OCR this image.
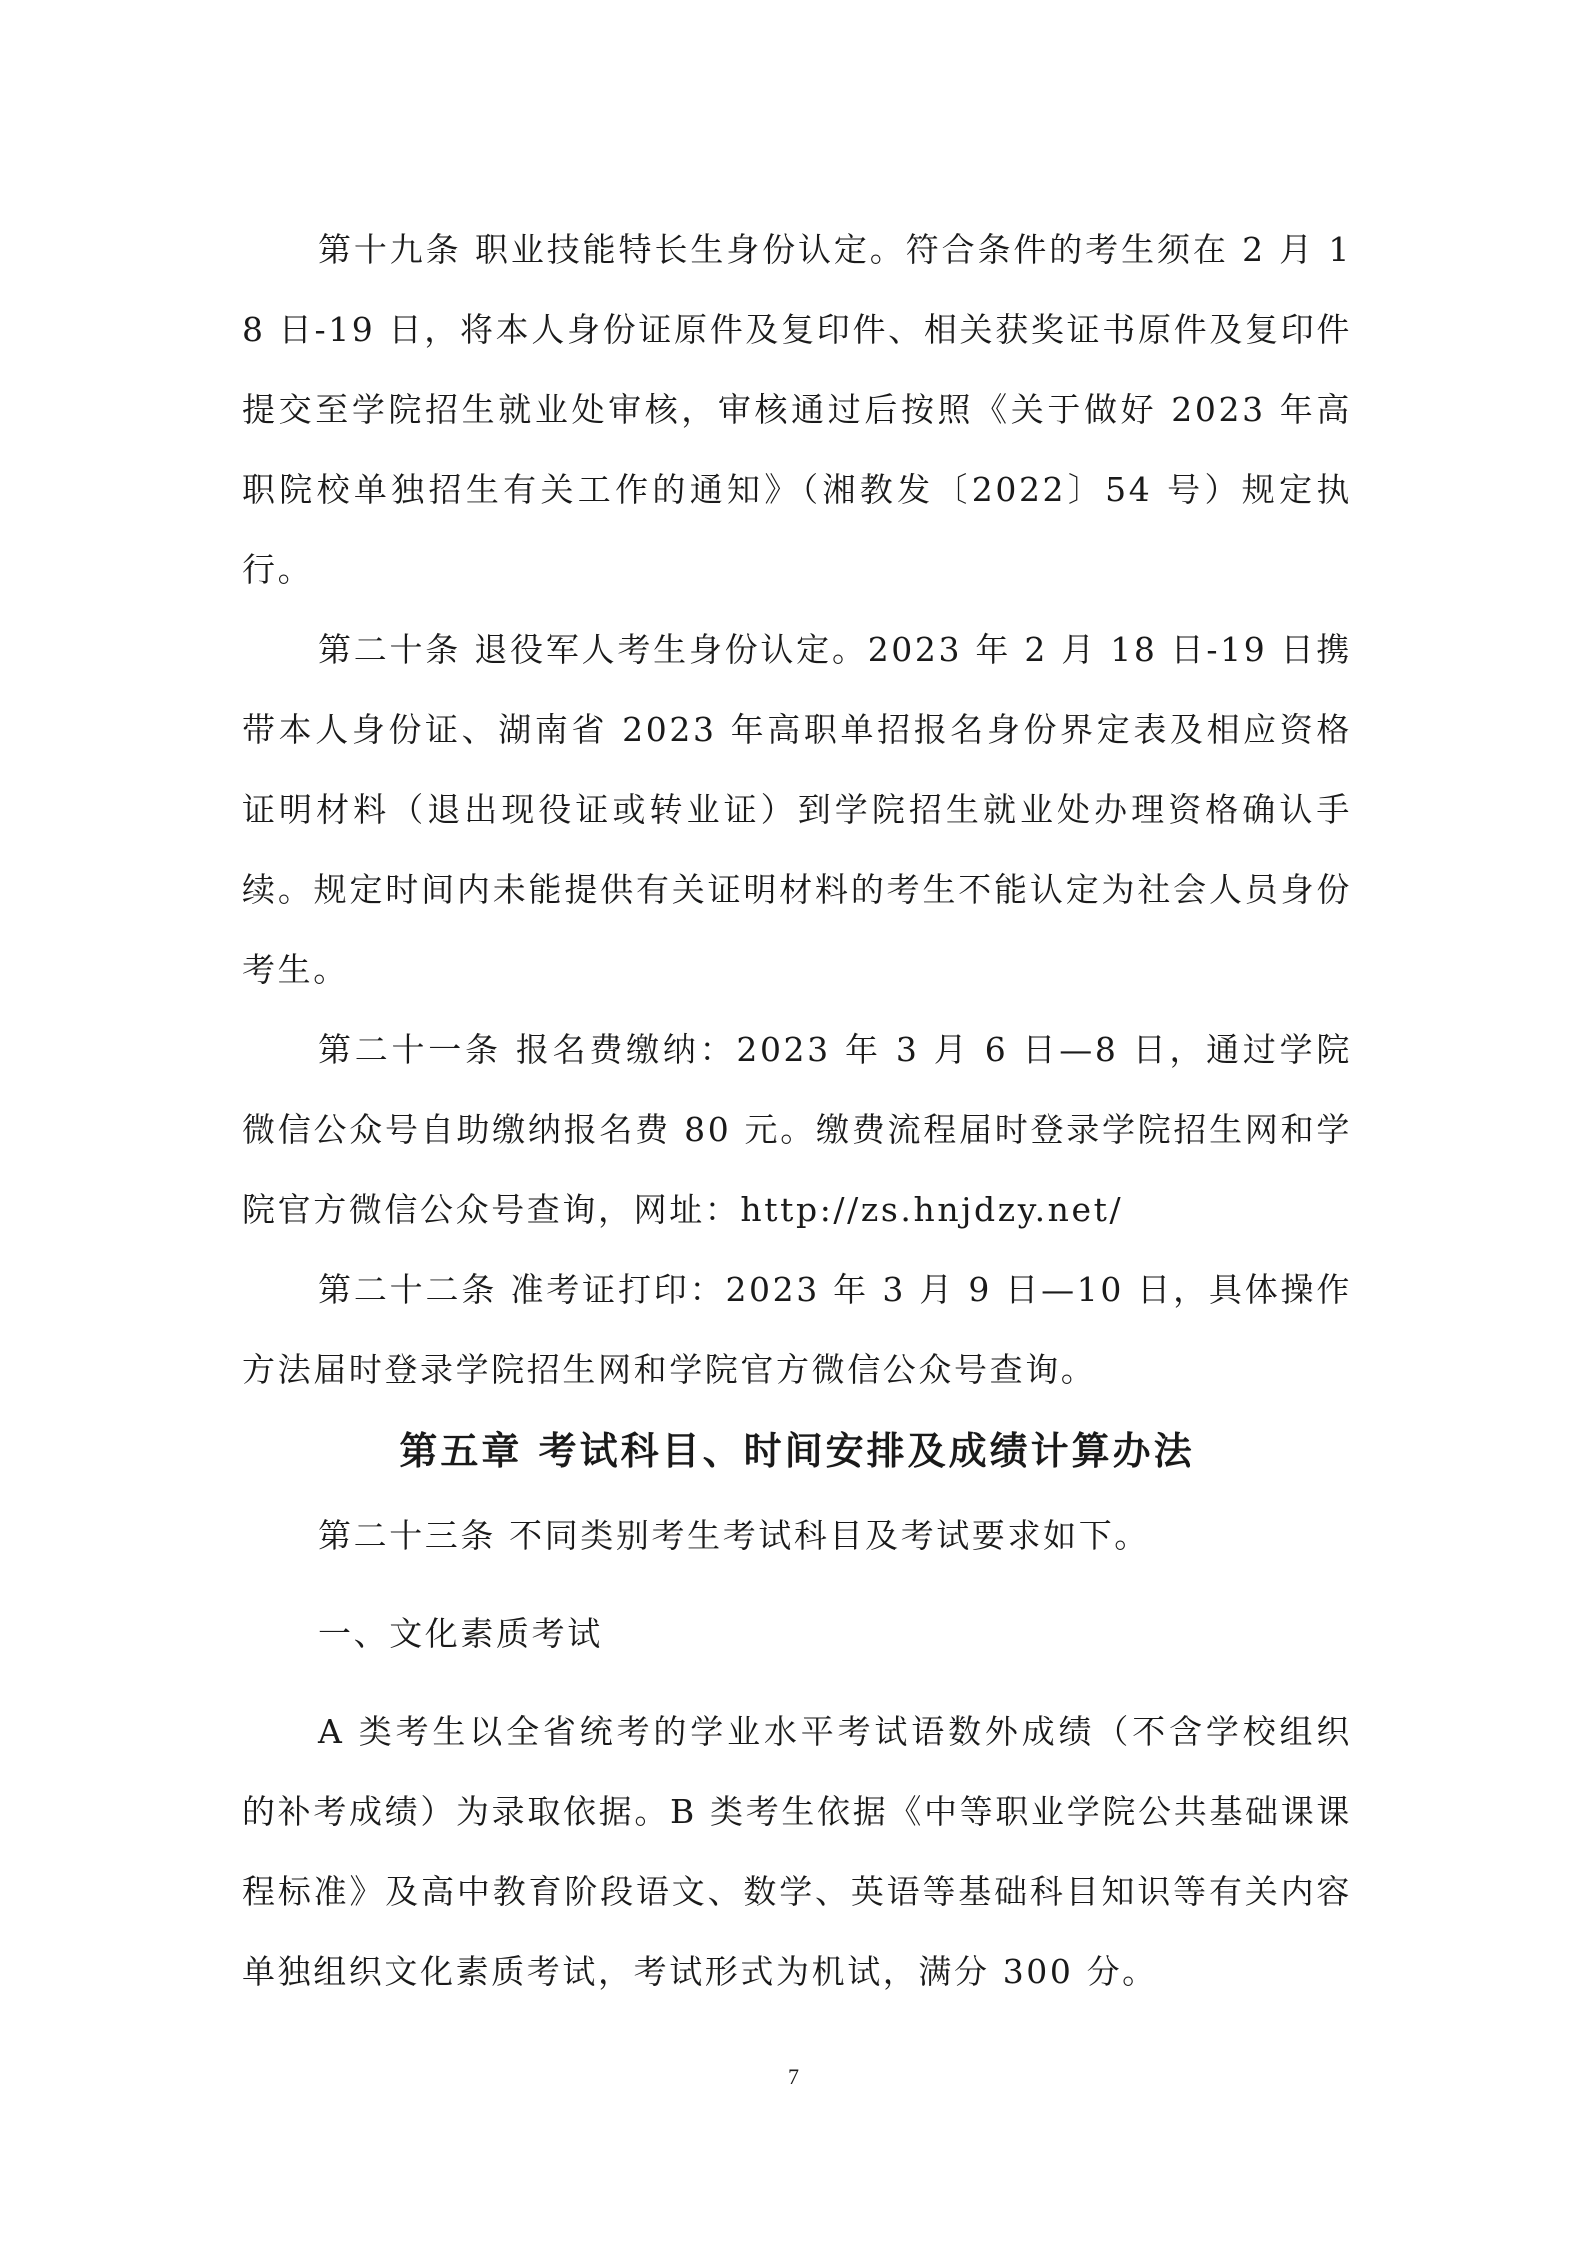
第十九条 职业技能特长生身份认定。符合条件的考生须在 2 月 18 日-19 日，将本人身份证原件及复印件、相关获奖证书原件及复印件提交至学院招生就业处审核，审核通过后按照《关于做好 2023 年高职院校单独招生有关工作的通知》（湘教发〔2022〕54 号）规定执行。

第二十条 退役军人考生身份认定。2023 年 2 月 18 日-19 日携带本人身份证、湖南省 2023 年高职单招报名身份界定表及相应资格证明材料（退出现役证或转业证）到学院招生就业处办理资格确认手续。规定时间内未能提供有关证明材料的考生不能认定为社会人员身份考生。

第二十一条 报名费缴纳：2023 年 3 月 6 日—8 日，通过学院微信公众号自助缴纳报名费 80 元。缴费流程届时登录学院招生网和学院官方微信公众号查询，网址：http://zs.hnjdzy.net/

第二十二条 准考证打印：2023 年 3 月 9 日—10 日，具体操作方法届时登录学院招生网和学院官方微信公众号查询。

第五章 考试科目、时间安排及成绩计算办法

第二十三条 不同类别考生考试科目及考试要求如下。

一、文化素质考试

A 类考生以全省统考的学业水平考试语数外成绩（不含学校组织的补考成绩）为录取依据。B 类考生依据《中等职业学院公共基础课课程标准》及高中教育阶段语文、数学、英语等基础科目知识等有关内容单独组织文化素质考试，考试形式为机试，满分 300 分。

7
